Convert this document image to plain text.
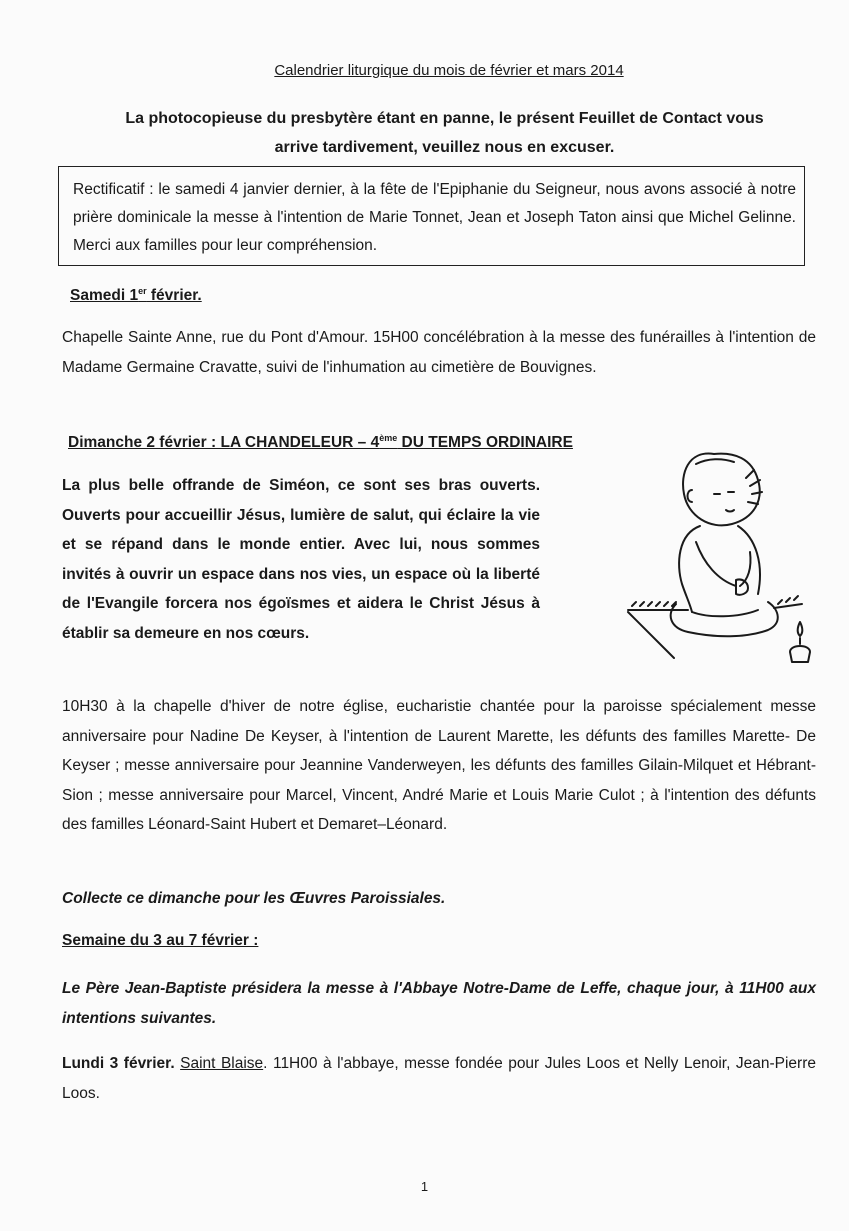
Calendrier liturgique du mois de février et mars 2014
La photocopieuse du presbytère étant en panne, le présent Feuillet de Contact vous
arrive tardivement, veuillez nous en excuser.
Rectificatif : le samedi 4 janvier dernier, à la fête de l'Epiphanie du Seigneur, nous avons associé à notre prière dominicale la messe à l'intention de Marie Tonnet, Jean et Joseph Taton ainsi que Michel Gelinne. Merci aux familles pour leur compréhension.
Samedi 1er février.
Chapelle Sainte Anne, rue du Pont d'Amour. 15H00 concélébration à la messe des funérailles à l'intention de Madame Germaine Cravatte, suivi de l'inhumation au cimetière de Bouvignes.
Dimanche 2 février : LA CHANDELEUR – 4ème DU TEMPS ORDINAIRE
La plus belle offrande de Siméon, ce sont ses bras ouverts. Ouverts pour accueillir Jésus, lumière de salut, qui éclaire la vie et se répand dans le monde entier. Avec lui, nous sommes invités à ouvrir un espace dans nos vies, un espace où la liberté de l'Evangile forcera nos égoïsmes et aidera le Christ Jésus à établir sa demeure en nos cœurs.
10H30 à la chapelle d'hiver de notre église, eucharistie chantée pour la paroisse spécialement messe anniversaire pour Nadine De Keyser, à l'intention de Laurent Marette, les défunts des familles Marette- De Keyser ; messe anniversaire pour Jeannine Vanderweyen, les défunts des familles Gilain-Milquet et Hébrant-Sion ; messe anniversaire pour Marcel, Vincent, André Marie et Louis Marie Culot ; à l'intention des défunts des familles Léonard-Saint Hubert et Demaret–Léonard.
Collecte ce dimanche pour les Œuvres Paroissiales.
Semaine du 3 au 7 février :
Le Père Jean-Baptiste présidera la messe à l'Abbaye Notre-Dame de Leffe, chaque jour, à 11H00 aux intentions suivantes.
Lundi 3 février. Saint Blaise. 11H00 à l'abbaye, messe fondée pour Jules Loos et Nelly Lenoir, Jean-Pierre Loos.
1
